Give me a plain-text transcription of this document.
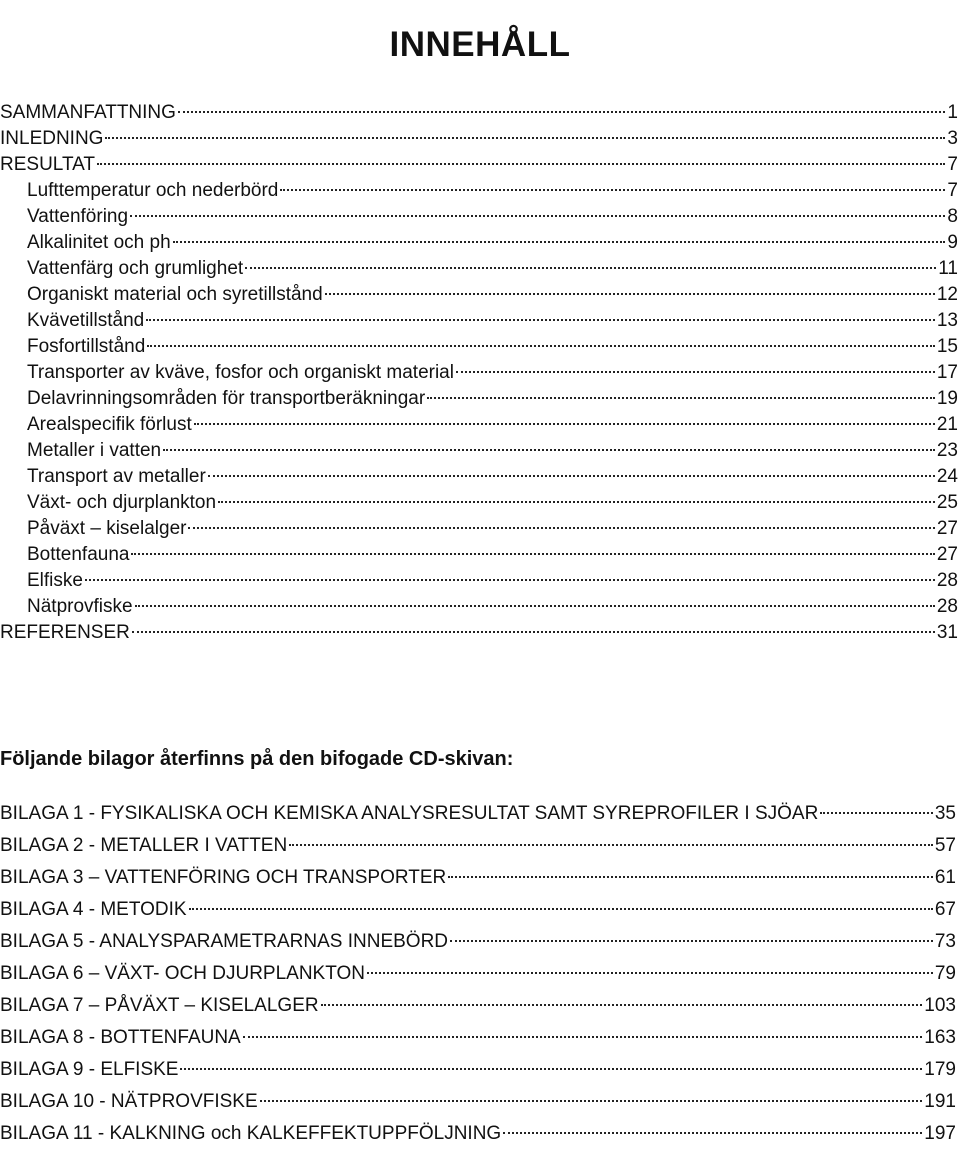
INNEHÅLL
SAMMANFATTNING	1
INLEDNING	3
RESULTAT	7
Lufttemperatur och nederbörd	7
Vattenföring	8
Alkalinitet och ph	9
Vattenfärg och grumlighet	11
Organiskt material och syretillstånd	12
Kvävetillstånd	13
Fosfortillstånd	15
Transporter av kväve, fosfor och organiskt material	17
Delavrinningsområden för transportberäkningar	19
Arealspecifik förlust	21
Metaller i vatten	23
Transport av metaller	24
Växt- och djurplankton	25
Påväxt – kiselalger	27
Bottenfauna	27
Elfiske	28
Nätprovfiske	28
REFERENSER	31
Följande bilagor återfinns på den bifogade CD-skivan:
BILAGA 1 - FYSIKALISKA OCH KEMISKA ANALYSRESULTAT SAMT SYREPROFILER I SJÖAR	35
BILAGA 2 - METALLER I VATTEN	57
BILAGA 3 – VATTENFÖRING OCH TRANSPORTER	61
BILAGA 4 - METODIK	67
BILAGA 5 - ANALYSPARAMETRARNAS INNEBÖRD	73
BILAGA 6 – VÄXT- OCH DJURPLANKTON	79
BILAGA 7 – PÅVÄXT – KISELALGER	103
BILAGA 8 - BOTTENFAUNA	163
BILAGA 9 - ELFISKE	179
BILAGA 10 - NÄTPROVFISKE	191
BILAGA 11 - KALKNING och KALKEFFEKTUPPFÖLJNING	197
